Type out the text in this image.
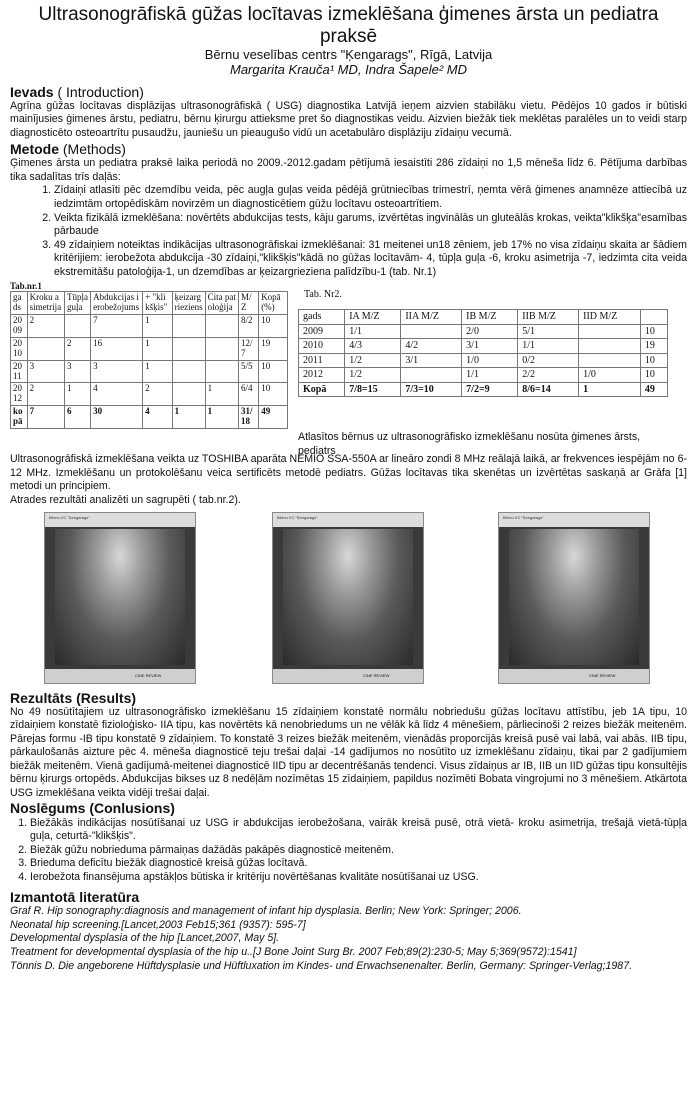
Ultrasonogrāfiskā gūžas locītavas izmeklēšana ģimenes ārsta un pediatra praksē
Bērnu veselības centrs "Ķengarags", Rīgā, Latvija
Margarita Krauča¹ MD, Indra Šapele² MD
Ievads ( Introduction)

Agrīna gūžas locītavas displāzijas ultrasonogrāfiskā ( USG) diagnostika Latvijā ieņem aizvien stabilāku vietu. Pēdējos 10 gados ir būtiski mainījusies ģimenes ārstu, pediatru, bērnu ķirurgu attieksme pret šo diagnostikas veidu. Aizvien biežāk tiek meklētas paralēles un to veidi starp diagnosticēto osteoartrītu pusaudžu, jauniešu un pieaugušo vidū un acetabulāro displāziju zīdaiņu vecumā.

Metode (Methods)

Ģimenes ārsta un pediatra praksē laika periodā no 2009.-2012.gadam pētījumā iesaistīti 286 zīdaiņi no 1,5 mēneša līdz 6. Pētījuma darbības tika sadalītas trīs daļās:

1. Zīdaiņi atlasīti pēc dzemdību veida, pēc augļa guļas veida pēdējā grūtniecības trimestrī, ņemta vērā ģimenes anamnēze attiecībā uz iedzimtām ortopēdiskām novirzēm un diagnosticētiem gūžu locītavu osteoartrītiem.
2. Veikta fizikālā izmeklēšana: novērtēts abdukcijas tests, kāju garums, izvērtētas ingvinālās un gluteālās krokas, veikta"klikšķa"esamības pārbaude
3. 49 zīdaiņiem noteiktas indikācijas ultrasonogrāfiskai izmeklēšanai: 31 meitenei un18 zēniem, jeb 17% no visa zīdaiņu skaita ar šādiem kritērijiem: ierobežota abdukcija -30 zīdaiņi,"klikšķis"kādā no gūžas locītavām- 4, tūpļa guļa -6, kroku asimetrija -7, iedzimta cita veida ekstremitāšu patoloģija-1, un dzemdības ar ķeizargrieziena palīdzību-1 (tab. Nr.1)
Tab.nr.1
gads	Kroku asimetrija	Tūpļa guļa	Abdukcijas ierobežojums	+ "klikšķis"	ķeizargrieziens	Cita patoloģija	M/Z	Kopā (%)
2009	2		7	1			8/2	10
2010		2	16	1			12/7	19
2011	3	3	3	1			5/5	10
2012	2	1	4	2		1	6/4	10
kopā	7	6	30	4	1	1	31/18	49
Tab. Nr2.
gads	IA M/Z	IIA M/Z	IB M/Z	IIB M/Z	IID M/Z	
2009	1/1		2/0	5/1		10
2010	4/3	4/2	3/1	1/1		19
2011	1/2	3/1	1/0	0/2		10
2012	1/2		1/1	2/2	1/0	10
Kopā	7/8=15	7/3=10	7/2=9	8/6=14	1	49
Atlasītos bērnus uz ultrasonogrāfisko izmeklēšanu nosūta ģimenes ārsts, pediatrs

Ultrasonogrāfiskā izmeklēšana veikta uz TOSHIBA aparāta NEMIO SSA-550A ar lineāro zondi 8 MHz reālajā laikā, ar frekvences iespējām no 6-12 MHz. Izmeklēšanu un protokolēšanu veica sertificēts metodē pediatrs. Gūžas locītavas tika skenētas un izvērtētas saskaņā ar Grāfa [1] metodi un principiem.

Atrades rezultāti analizēti un sagrupēti ( tab.nr.2).

Bērnu VC "Ķengarags"
CINE REVIEW
Bērnu VC "Ķengarags"
CINE REVIEW
Bērnu VC "Ķengarags"
CINE REVIEW
Rezultāts (Results)

No 49 nosūtītajiem uz ultrasonogrāfisko izmeklēšanu 15 zīdaiņiem konstatē normālu nobriedušu gūžas locītavu attīstību, jeb 1A tipu, 10 zīdaiņiem konstatē fizioloģisko- IIA tipu, kas novērtēts kā nenobriedums un ne vēlāk kā līdz 4 mēnešiem, pārliecinoši 2 reizes biežāk meitenēm. Pārejas formu -IB tipu konstatē 9 zīdaiņiem. To konstatē 3 reizes biežāk meitenēm, vienādās proporcijās kreisā pusē vai labā, vai abās. IIB tipu, pārkaulošanās aizture pēc 4. mēneša diagnosticē teju trešai daļai -14 gadījumos no nosūtīto uz izmeklēšanu zīdaiņu, tikai par 2 gadījumiem biežāk meitenēm. Vienā gadījumā-meitenei diagnosticē IID tipu ar decentrēšanās tendenci. Visus zīdaiņus ar IB, IIB un IID gūžas tipu konsultējis bērnu ķirurgs ortopēds. Abdukcijas bikses uz 8 nedēļām nozīmētas 15 zīdaiņiem, papildus nozīmēti Bobata vingrojumi no 3 mēnešiem. Atkārtota USG izmeklēšana veikta vidēji trešai daļai.

Noslēgums (Conlusions)
1. Biežākās indikācijas nosūtīšanai uz USG ir abdukcijas ierobežošana, vairāk kreisā pusē, otrā vietā- kroku asimetrija, trešajā vietā-tūpļa guļa, ceturtā-"klikšķis".
2. Biežāk gūžu nobrieduma pārmaiņas dažādās pakāpēs diagnosticē meitenēm.
3. Brieduma deficītu biežāk diagnosticē kreisā gūžas locītavā.
4. Ierobežota finansējuma apstākļos būtiska ir kritēriju novērtēšanas kvalitāte nosūtīšanai uz USG.
Izmantotā literatūra

Graf R. Hip sonography:diagnosis and management of infant hip dysplasia. Berlin; New York: Springer; 2006.

Neonatal hip screening.[Lancet,2003 Feb15;361 (9357): 595-7]

Developmental dysplasia of the hip [Lancet,2007, May 5].

Treatment for developmental dysplasia of the hip u..[J Bone Joint Surg Br. 2007 Feb;89(2):230-5; May 5;369(9572):1541]

Tönnis D. Die angeborene Hüftdysplasie und Hüftluxation im Kindes- und Erwachsenenalter. Berlin, Germany: Springer-Verlag;1987.
